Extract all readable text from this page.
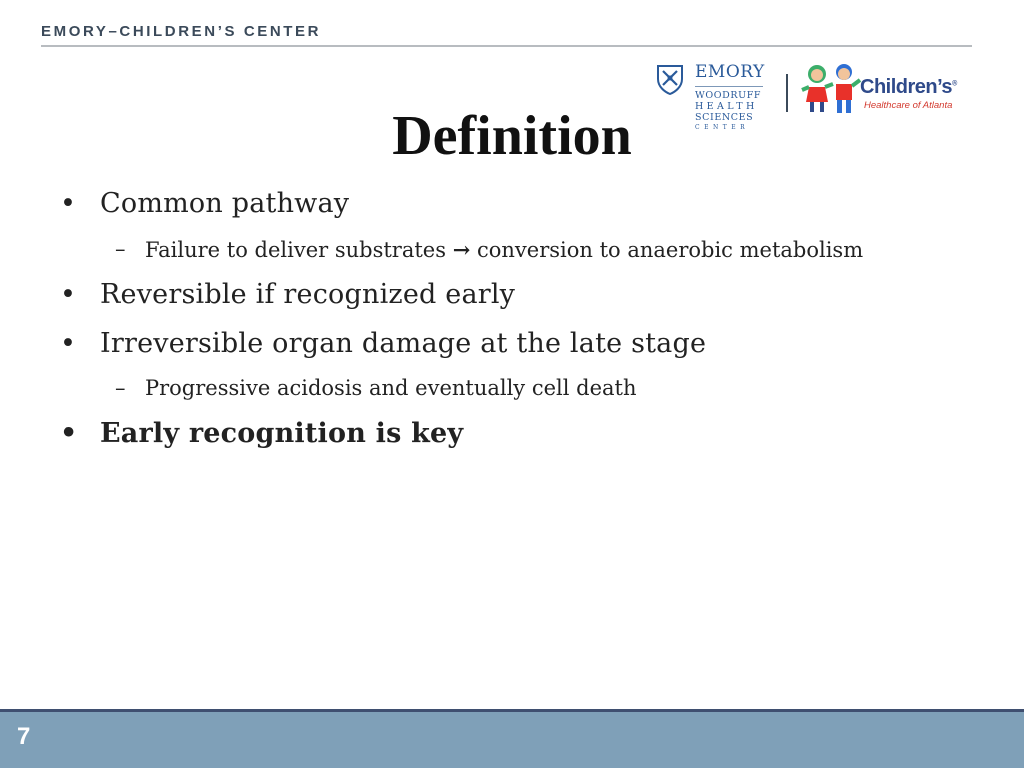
EMORY–CHILDREN’S CENTER
EMORY
WOODRUFF
HEALTH
SCIENCES
CENTER
Children’s®
Healthcare of Atlanta
Definition
• Common pathway
– Failure to deliver substrates → conversion to anaerobic metabolism
• Reversible if recognized early
• Irreversible organ damage at the late stage
– Progressive acidosis and eventually cell death
• Early recognition is key
7
